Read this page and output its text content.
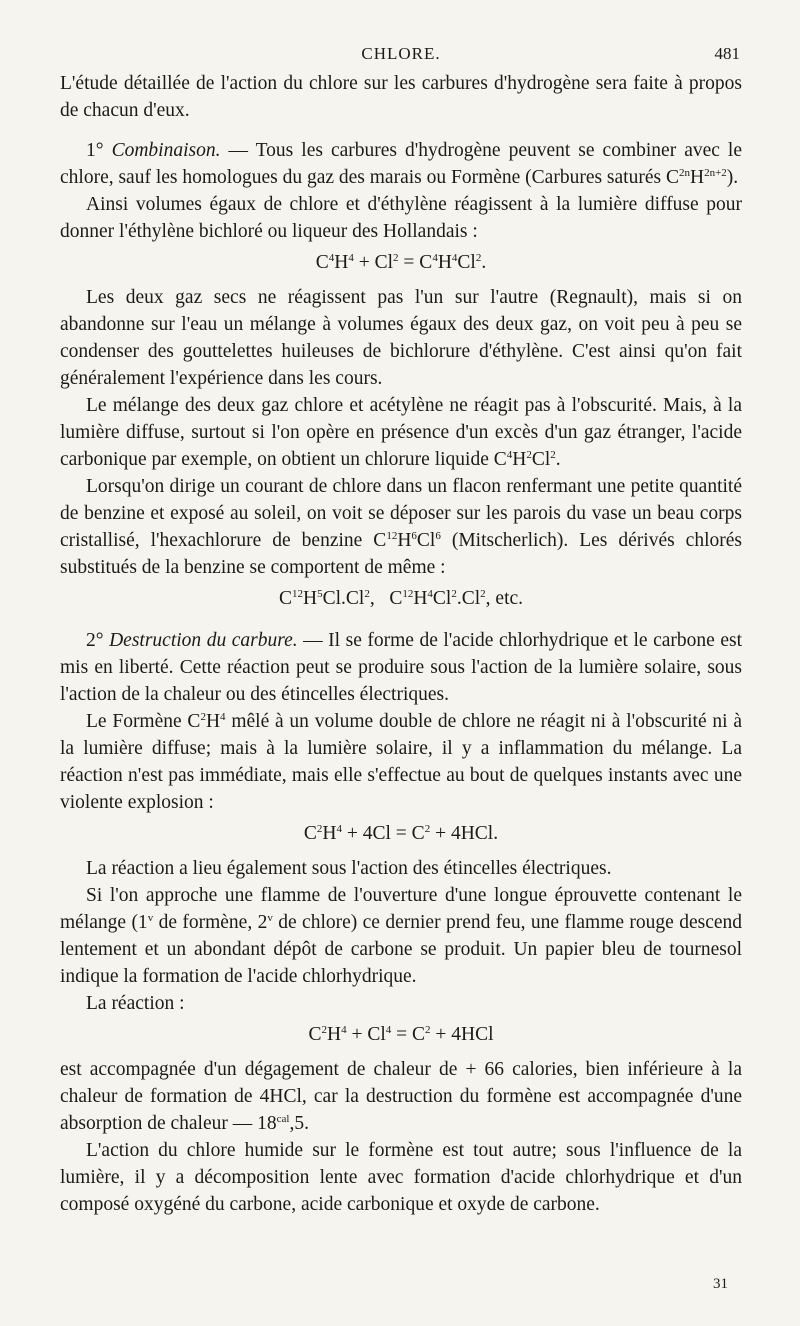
CHLORE.	481

L'étude détaillée de l'action du chlore sur les carbures d'hydrogène sera faite à propos de chacun d'eux.

1° Combinaison. — Tous les carbures d'hydrogène peuvent se combiner avec le chlore, sauf les homologues du gaz des marais ou Formène (Carbures saturés $C^{2n}H^{2n+2}$).

Ainsi volumes égaux de chlore et d'éthylène réagissent à la lumière diffuse pour donner l'éthylène bichloré ou liqueur des Hollandais :

$C^4H^4 + Cl^2 = C^4H^4Cl^2$.

Les deux gaz secs ne réagissent pas l'un sur l'autre (Regnault), mais si on abandonne sur l'eau un mélange à volumes égaux des deux gaz, on voit peu à peu se condenser des gouttelettes huileuses de bichlorure d'éthylène. C'est ainsi qu'on fait généralement l'expérience dans les cours.

Le mélange des deux gaz chlore et acétylène ne réagit pas à l'obscurité. Mais, à la lumière diffuse, surtout si l'on opère en présence d'un excès d'un gaz étranger, l'acide carbonique par exemple, on obtient un chlorure liquide $C^4H^2Cl^2$.

Lorsqu'on dirige un courant de chlore dans un flacon renfermant une petite quantité de benzine et exposé au soleil, on voit se déposer sur les parois du vase un beau corps cristallisé, l'hexachlorure de benzine $C^{12}H^6Cl^6$ (Mitscherlich). Les dérivés chlorés substitués de la benzine se comportent de même :

$C^{12}H^5Cl.Cl^2$,   $C^{12}H^4Cl^2.Cl^2$, etc.

2° Destruction du carbure. — Il se forme de l'acide chlorhydrique et le carbone est mis en liberté. Cette réaction peut se produire sous l'action de la lumière solaire, sous l'action de la chaleur ou des étincelles électriques.

Le Formène $C^2H^4$ mêlé à un volume double de chlore ne réagit ni à l'obscurité ni à la lumière diffuse; mais à la lumière solaire, il y a inflammation du mélange. La réaction n'est pas immédiate, mais elle s'effectue au bout de quelques instants avec une violente explosion :

$C^2H^4 + 4Cl = C^2 + 4HCl$.

La réaction a lieu également sous l'action des étincelles électriques.

Si l'on approche une flamme de l'ouverture d'une longue éprouvette contenant le mélange (1$^v$ de formène, 2$^v$ de chlore) ce dernier prend feu, une flamme rouge descend lentement et un abondant dépôt de carbone se produit. Un papier bleu de tournesol indique la formation de l'acide chlorhydrique.

La réaction :

$C^2H^4 + Cl^4 = C^2 + 4HCl$

est accompagnée d'un dégagement de chaleur de + 66 calories, bien inférieure à la chaleur de formation de 4HCl, car la destruction du formène est accompagnée d'une absorption de chaleur — $18^{cal},5$.

L'action du chlore humide sur le formène est tout autre; sous l'influence de la lumière, il y a décomposition lente avec formation d'acide chlorhydrique et d'un composé oxygéné du carbone, acide carbonique et oxyde de carbone.

31
